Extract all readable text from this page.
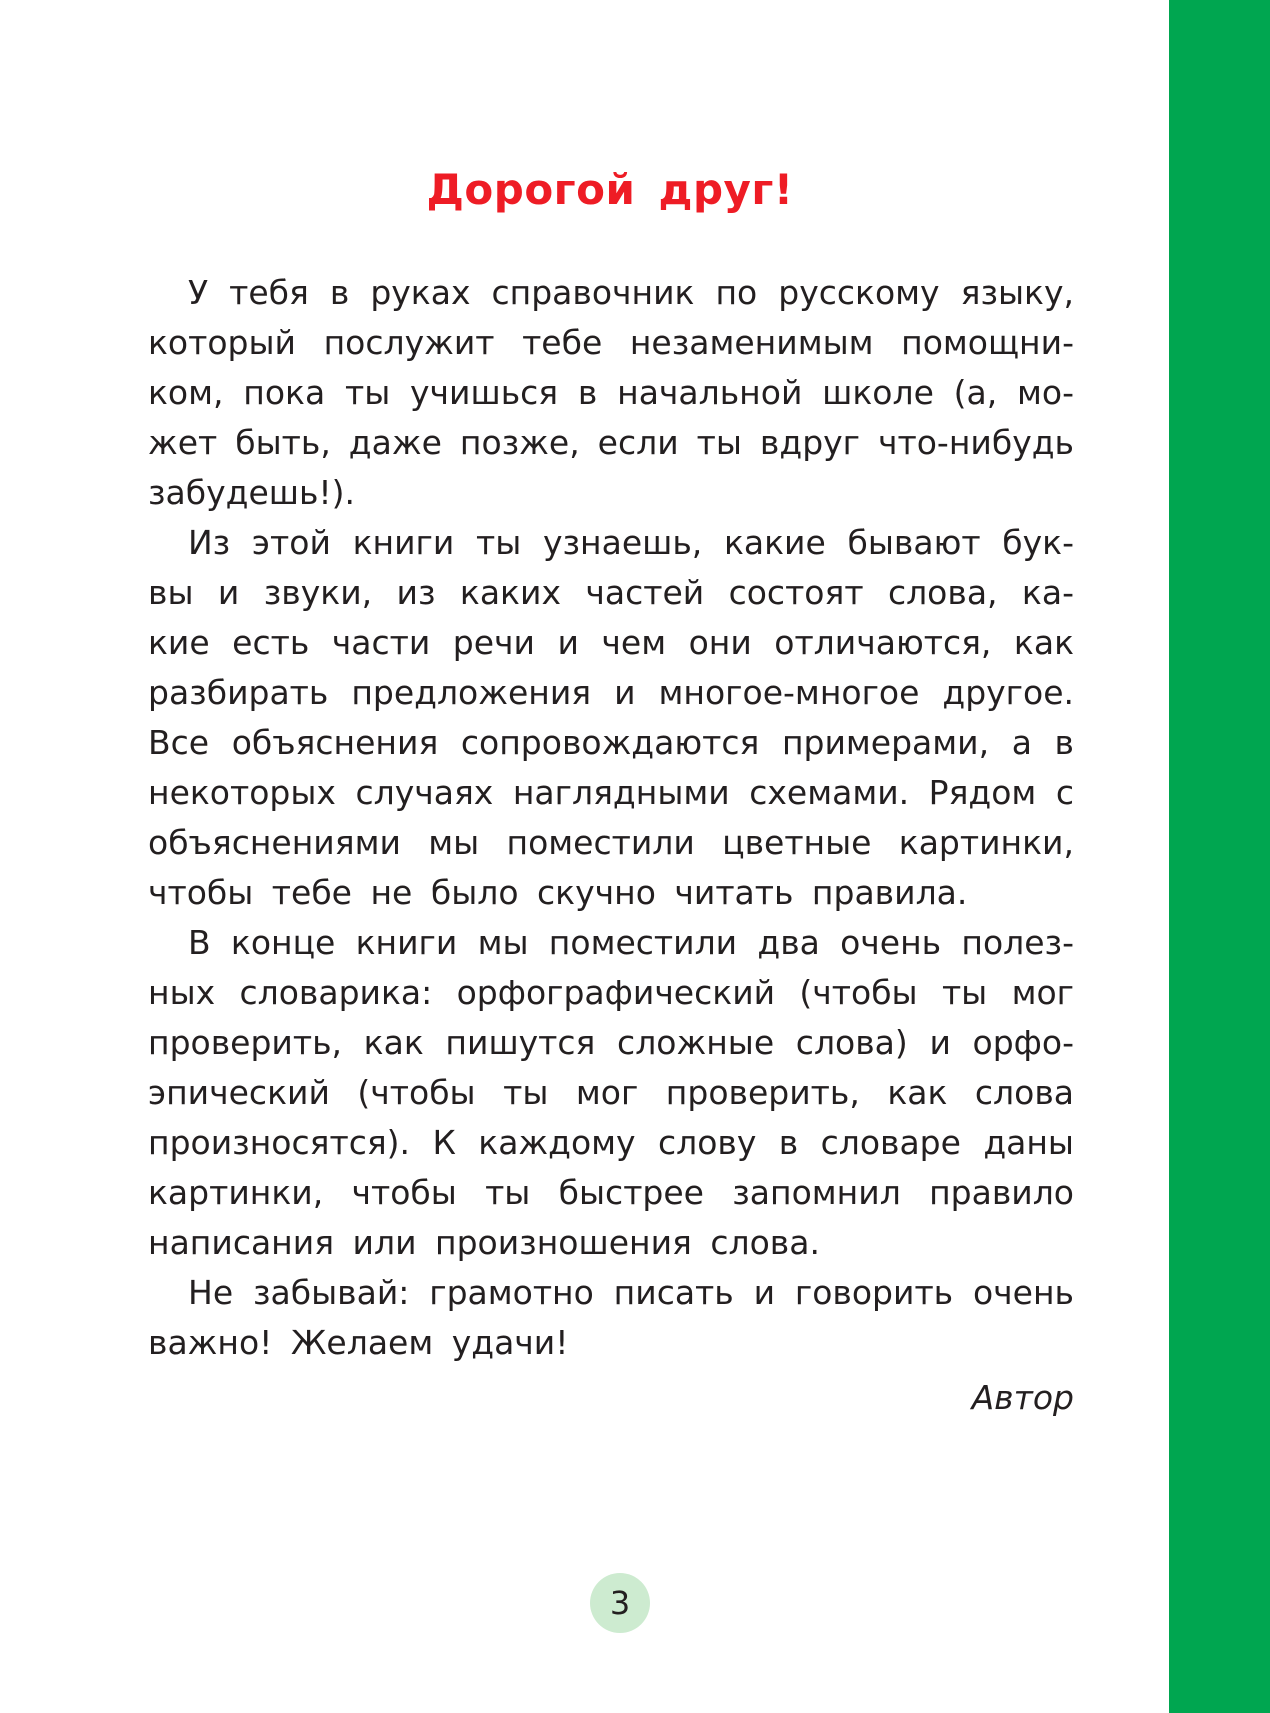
Дорогой друг!
У тебя в руках справочник по русскому языку,
который послужит тебе незаменимым помощни-
ком, пока ты учишься в начальной школе (а, мо-
жет быть, даже позже, если ты вдруг что-нибудь
забудешь!).
Из этой книги ты узнаешь, какие бывают бук-
вы и звуки, из каких частей состоят слова, ка-
кие есть части речи и чем они отличаются, как
разбирать предложения и многое-многое другое.
Все объяснения сопровождаются примерами, а в
некоторых случаях наглядными схемами. Рядом с
объяснениями мы поместили цветные картинки,
чтобы тебе не было скучно читать правила.
В конце книги мы поместили два очень полез-
ных словарика: орфографический (чтобы ты мог
проверить, как пишутся сложные слова) и орфо-
эпический (чтобы ты мог проверить, как слова
произносятся). К каждому слову в словаре даны
картинки, чтобы ты быстрее запомнил правило
написания или произношения слова.
Не забывай: грамотно писать и говорить очень
важно! Желаем удачи!
Автор
3
